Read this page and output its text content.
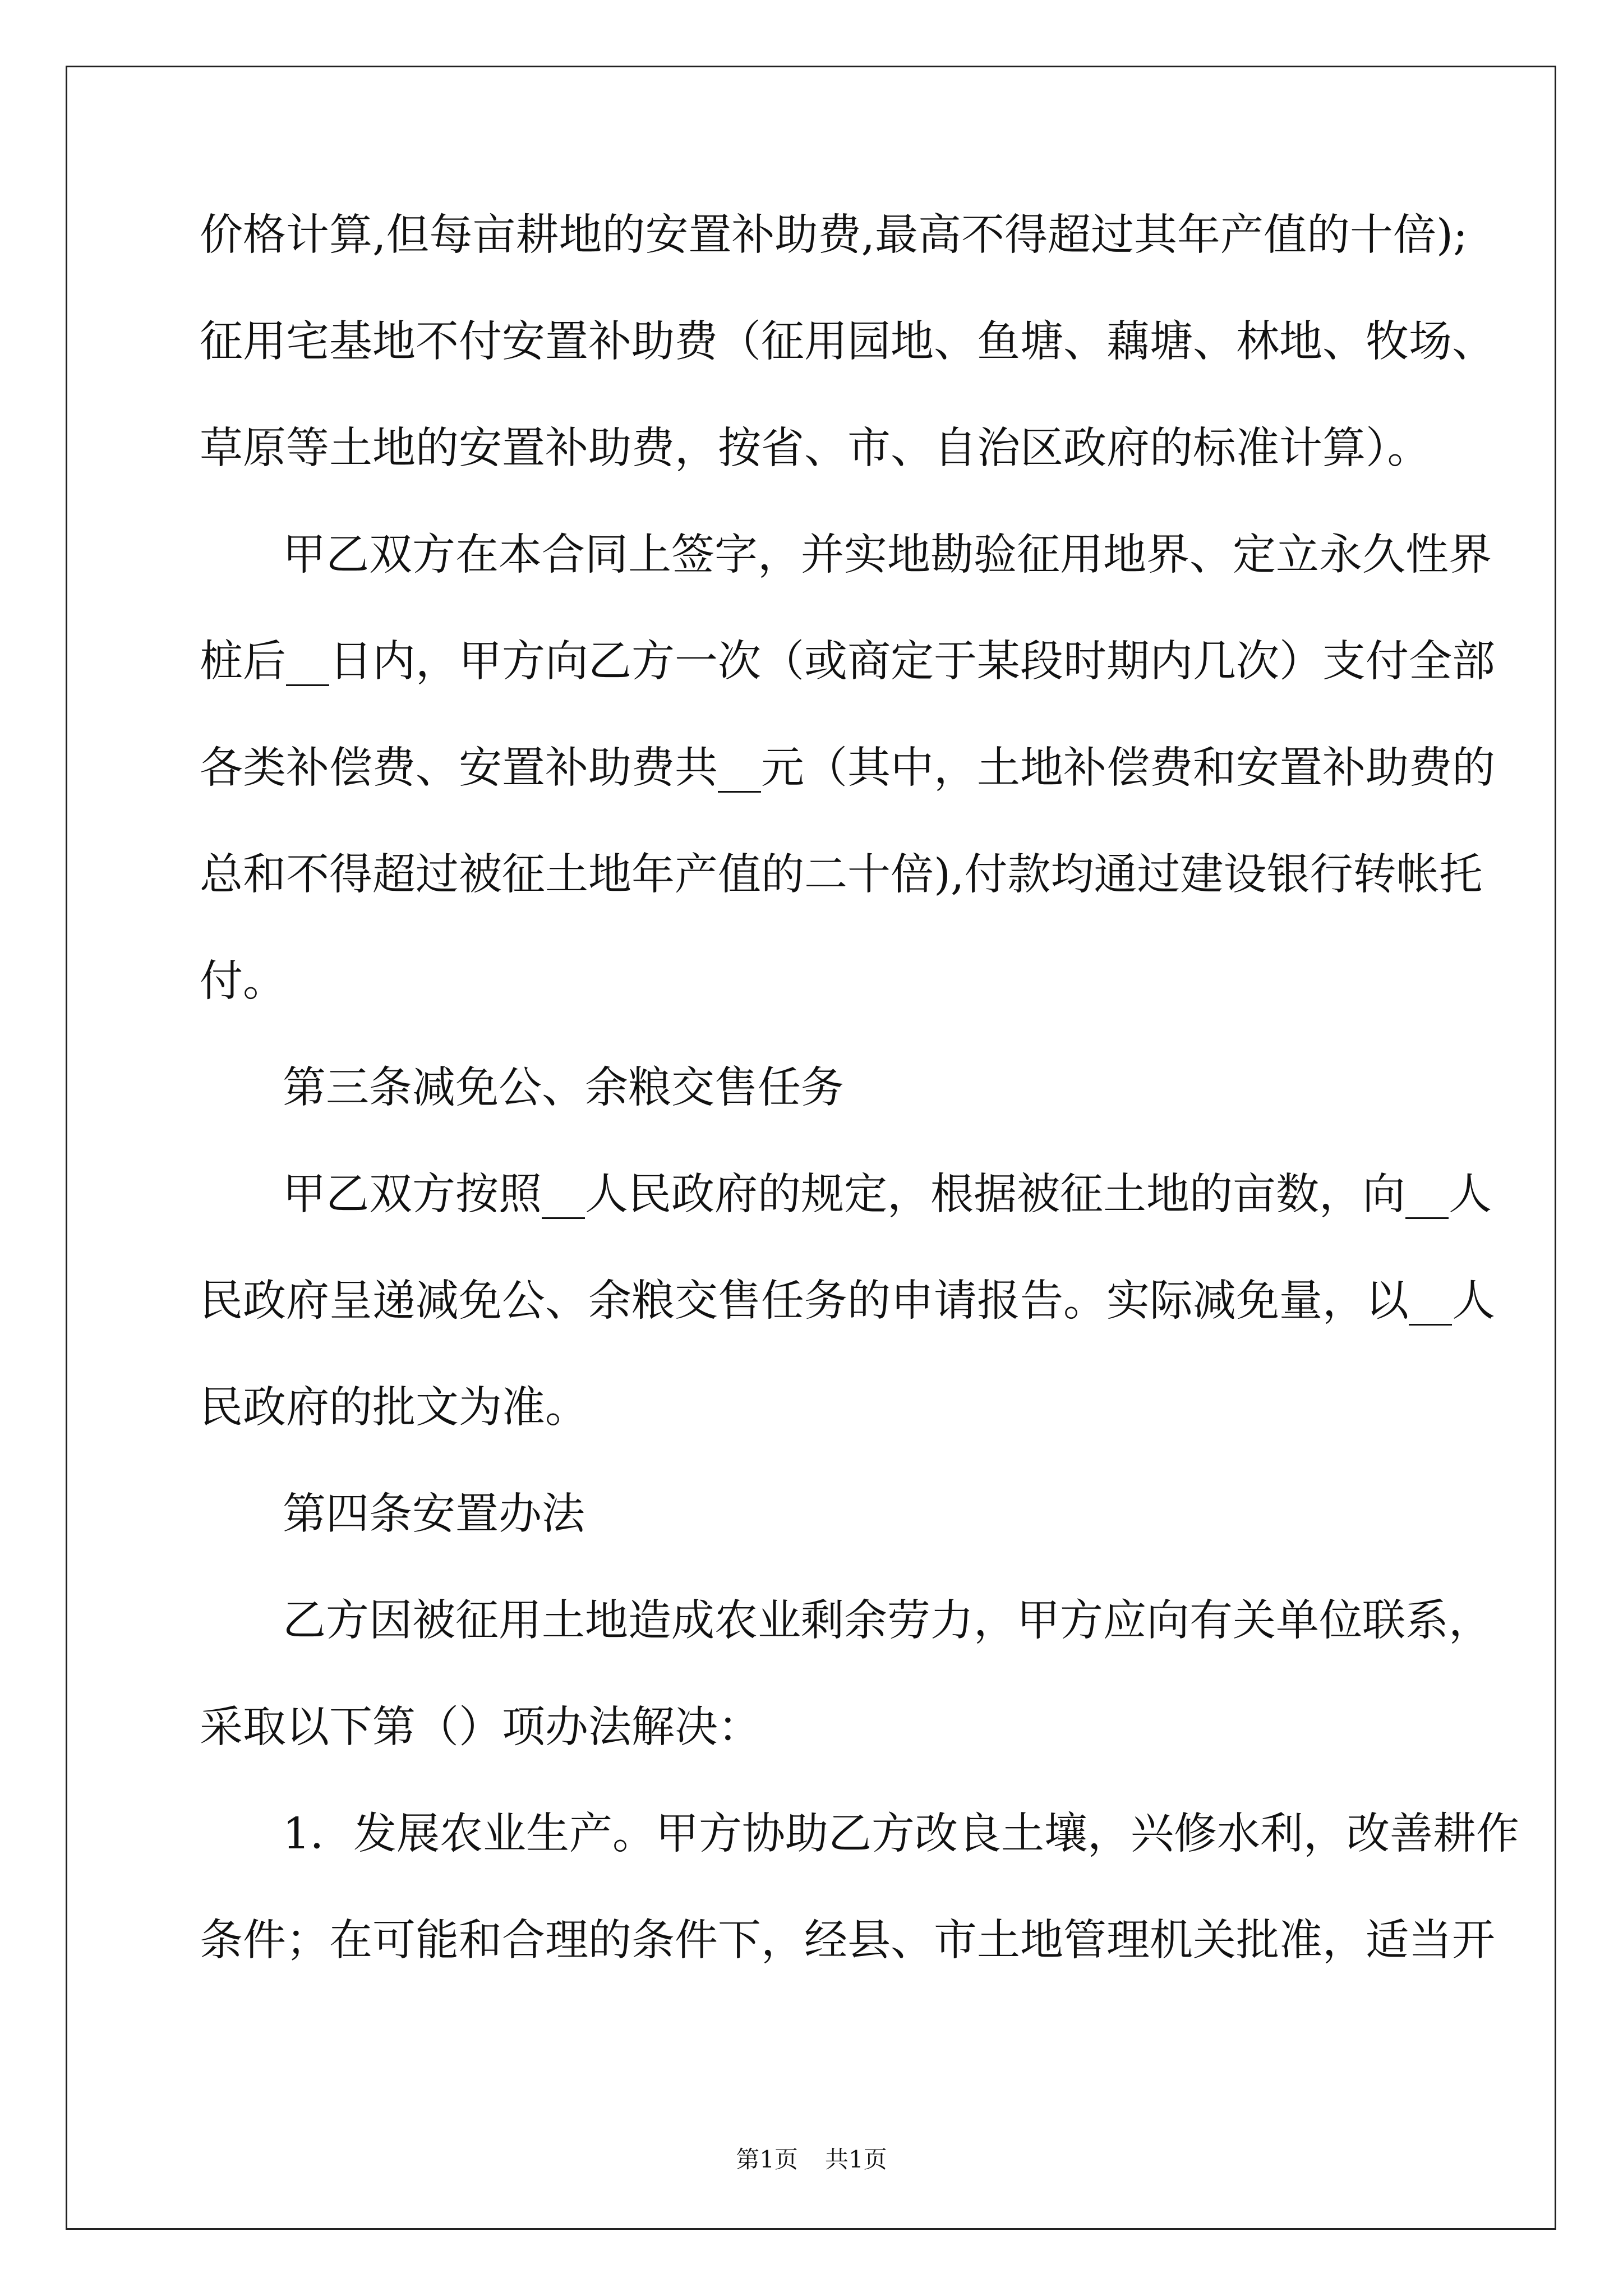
价格计算,但每亩耕地的安置补助费,最高不得超过其年产值的十倍);
征用宅基地不付安置补助费（征用园地、鱼塘、藕塘、林地、牧场、
草原等土地的安置补助费，按省、市、自治区政府的标准计算）。
甲乙双方在本合同上签字，并实地勘验征用地界、定立永久性界
桩后__日内，甲方向乙方一次（或商定于某段时期内几次）支付全部
各类补偿费、安置补助费共__元（其中，土地补偿费和安置补助费的
总和不得超过被征土地年产值的二十倍),付款均通过建设银行转帐托
付。
第三条减免公、余粮交售任务
甲乙双方按照__人民政府的规定，根据被征土地的亩数，向__人
民政府呈递减免公、余粮交售任务的申请报告。实际减免量，以__人
民政府的批文为准。
第四条安置办法
乙方因被征用土地造成农业剩余劳力，甲方应向有关单位联系，
采取以下第（）项办法解决：
1．发展农业生产。甲方协助乙方改良土壤，兴修水利，改善耕作
条件；在可能和合理的条件下，经县、市土地管理机关批准，适当开
第1页 共1页
